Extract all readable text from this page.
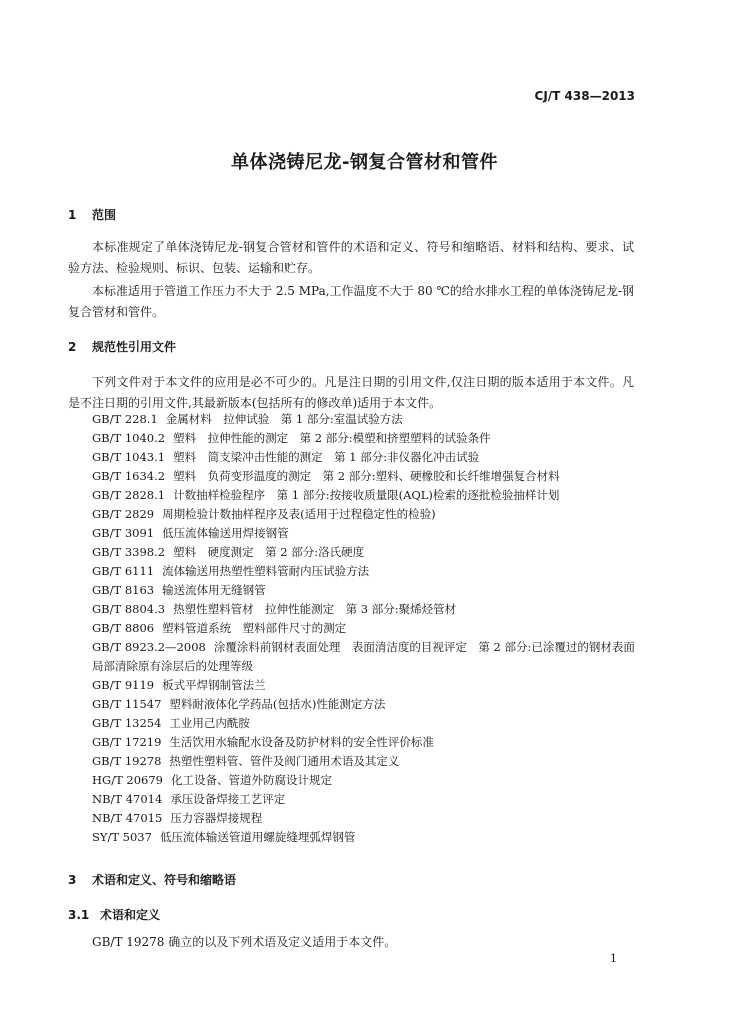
CJ/T 438—2013
单体浇铸尼龙-钢复合管材和管件
1 范围

本标准规定了单体浇铸尼龙-钢复合管材和管件的术语和定义、符号和缩略语、材料和结构、要求、试验方法、检验规则、标识、包装、运输和贮存。

本标准适用于管道工作压力不大于 2.5 MPa,工作温度不大于 80 ℃的给水排水工程的单体浇铸尼龙-钢复合管材和管件。

2 规范性引用文件

下列文件对于本文件的应用是必不可少的。凡是注日期的引用文件,仅注日期的版本适用于本文件。凡是不注日期的引用文件,其最新版本(包括所有的修改单)适用于本文件。

GB/T 228.1 金属材料　拉伸试验　第 1 部分:室温试验方法
GB/T 1040.2 塑料　拉伸性能的测定　第 2 部分:模塑和挤塑塑料的试验条件
GB/T 1043.1 塑料　简支梁冲击性能的测定　第 1 部分:非仪器化冲击试验
GB/T 1634.2 塑料　负荷变形温度的测定　第 2 部分:塑料、硬橡胶和长纤维增强复合材料
GB/T 2828.1 计数抽样检验程序　第 1 部分:按接收质量限(AQL)检索的逐批检验抽样计划
GB/T 2829 周期检验计数抽样程序及表(适用于过程稳定性的检验)
GB/T 3091 低压流体输送用焊接钢管
GB/T 3398.2 塑料　硬度测定　第 2 部分:洛氏硬度
GB/T 6111 流体输送用热塑性塑料管耐内压试验方法
GB/T 8163 输送流体用无缝钢管
GB/T 8804.3 热塑性塑料管材　拉伸性能测定　第 3 部分:聚烯烃管材
GB/T 8806 塑料管道系统　塑料部件尺寸的测定
GB/T 8923.2—2008 涂覆涂料前钢材表面处理　表面清洁度的目视评定　第 2 部分:已涂覆过的钢材表面局部清除原有涂层后的处理等级
GB/T 9119 板式平焊钢制管法兰
GB/T 11547 塑料耐液体化学药品(包括水)性能测定方法
GB/T 13254 工业用己内酰胺
GB/T 17219 生活饮用水输配水设备及防护材料的安全性评价标准
GB/T 19278 热塑性塑料管、管件及阀门通用术语及其定义
HG/T 20679 化工设备、管道外防腐设计规定
NB/T 47014 承压设备焊接工艺评定
NB/T 47015 压力容器焊接规程
SY/T 5037 低压流体输送管道用螺旋缝埋弧焊钢管
3 术语和定义、符号和缩略语
3.1 术语和定义

GB/T 19278 确立的以及下列术语及定义适用于本文件。

1
